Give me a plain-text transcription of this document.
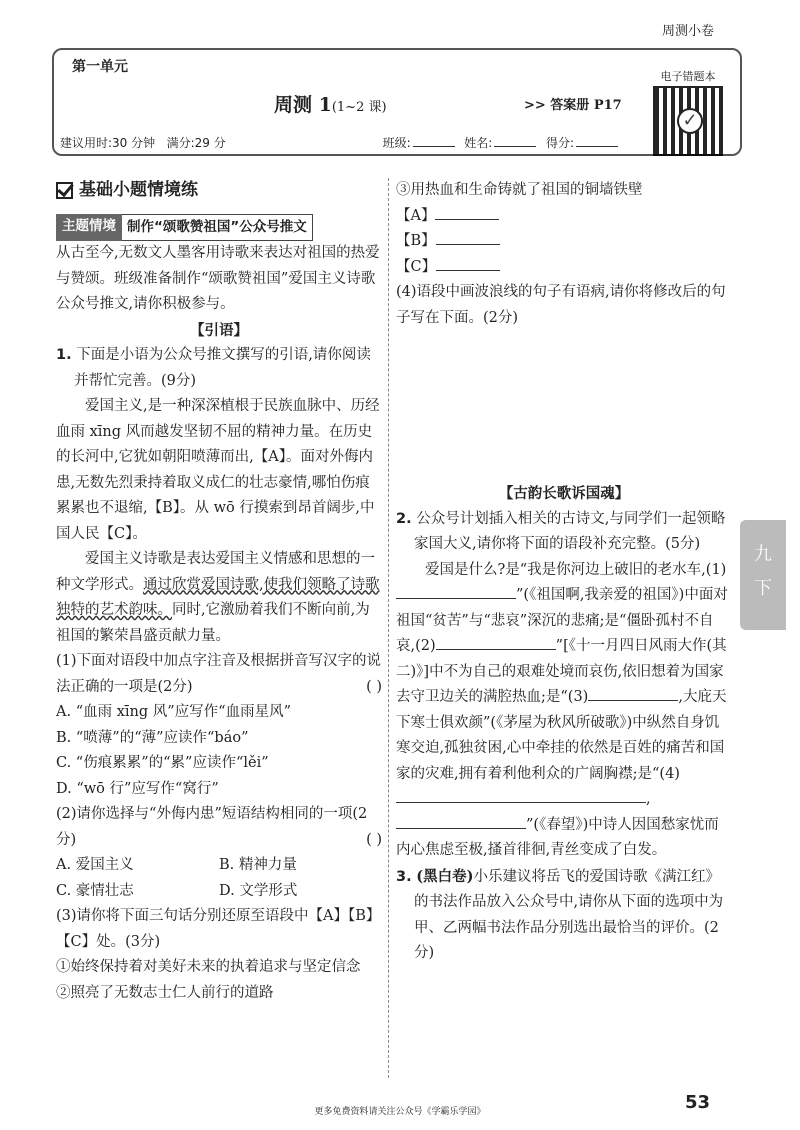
周测小卷
第一单元
周测 1(1~2 课)	>> 答案册 P17
电子错题本
✓
建议用时:30 分钟 满分:29 分	班级:	姓名:	得分:
基础小题情境练
主题情境 制作“颂歌赞祖国”公众号推文

从古至今,无数文人墨客用诗歌来表达对祖国的热爱与赞颂。班级准备制作“颂歌赞祖国”爱国主义诗歌公众号推文,请你积极参与。

【引语】

1. 下面是小语为公众号推文撰写的引语,请你阅读并帮忙完善。(9分)

爱国主义,是一种深深植根于民族血脉中、历经血雨 xīng 风而越发坚韧不屈的精神力量。在历史的长河中,它犹如朝阳喷薄而出,【A】。面对外侮内患,无数先烈秉持着取义成仁的壮志豪情,哪怕伤痕累累也不退缩,【B】。从 wō 行摸索到昂首阔步,中国人民【C】。

爱国主义诗歌是表达爱国主义情感和思想的一种文学形式。通过欣赏爱国诗歌,使我们领略了诗歌独特的艺术韵味。同时,它激励着我们不断向前,为祖国的繁荣昌盛贡献力量。

(1)下面对语段中加点字注音及根据拼音写汉字的说法正确的一项是(2分)	( )

A. “血雨 xīng 风”应写作“血雨星风”

B. “喷薄”的“薄”应读作“báo”

C. “伤痕累累”的“累”应读作“lěi”

D. “wō 行”应写作“窝行”

(2)请你选择与“外侮内患”短语结构相同的一项(2分)	( )

A. 爱国主义	B. 精神力量
C. 豪情壮志	D. 文学形式

(3)请你将下面三句话分别还原至语段中【A】【B】【C】处。(3分)

①始终保持着对美好未来的执着追求与坚定信念

②照亮了无数志士仁人前行的道路

③用热血和生命铸就了祖国的铜墙铁壁

【A】

【B】

【C】

(4)语段中画波浪线的句子有语病,请你将修改后的句子写在下面。(2分)

【古韵长歌诉国魂】

2. 公众号计划插入相关的古诗文,与同学们一起领略家国大义,请你将下面的语段补充完整。(5分)

爱国是什么?是“我是你河边上破旧的老水车,(1)”(《祖国啊,我亲爱的祖国》)中面对祖国“贫苦”与“悲哀”深沉的悲痛;是“僵卧孤村不自哀,(2)	”[《十一月四日风雨大作(其二)》]中不为自己的艰难处境而哀伤,依旧想着为国家去守卫边关的满腔热血;是“(3)	,大庇天下寒士俱欢颜”(《茅屋为秋风所破歌》)中纵然自身饥寒交迫,孤独贫困,心中牵挂的依然是百姓的痛苦和国家的灾难,拥有着利他利众的广阔胸襟;是“(4),”(《春望》)中诗人因国愁家忧而内心焦虑至极,搔首徘徊,青丝变成了白发。

3. (黑白卷)小乐建议将岳飞的爱国诗歌《满江红》的书法作品放入公众号中,请你从下面的选项中为甲、乙两幅书法作品分别选出最恰当的评价。(2分)

九
下
53
更多免费资料请关注公众号《学霸乐学园》
